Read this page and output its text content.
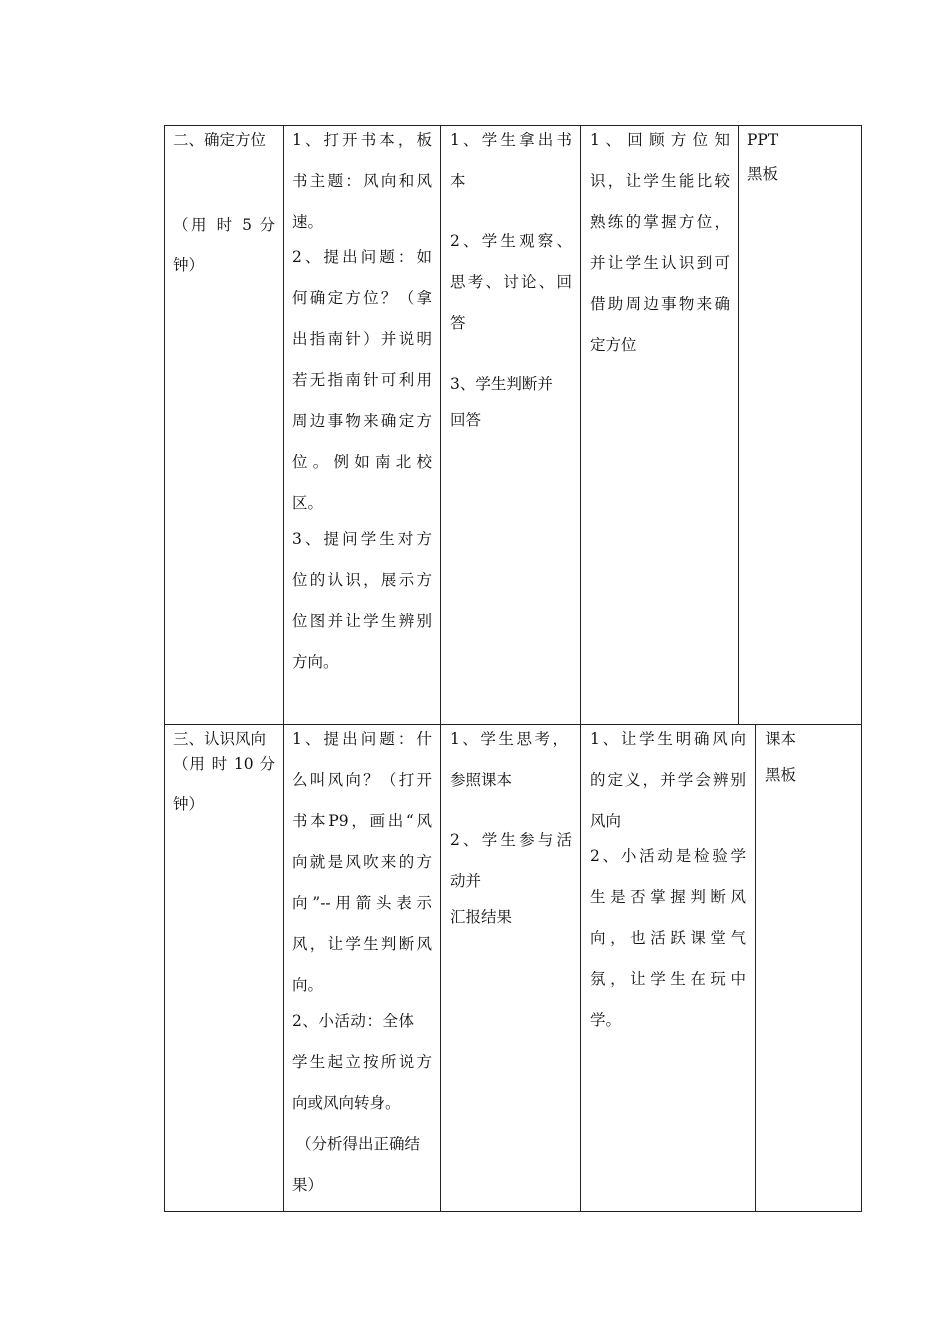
二、确定方位

（用 时 5 分

钟）

1、打开书本，板

书主题：风向和风

速。

2、提出问题：如

何确定方位？（拿

出指南针）并说明

若无指南针可利用

周边事物来确定方

位。例如南北校

区。

3、提问学生对方

位的认识，展示方

位图并让学生辨别

方向。

1、学生拿出书

本

2、学生观察、

思考、讨论、回

答

3、学生判断并

回答

1 、 回 顾 方 位 知

识，让学生能比较

熟练的掌握方位，

并让学生认识到可

借助周边事物来确

定方位

PPT

黑板

三、认识风向

（用 时 10 分

钟）

1、提出问题：什

么叫风向？（打开

书本P9，画出“风

向就是风吹来的方

向”--用箭头表示

风，让学生判断风

向。

2、小活动：全体

学生起立按所说方

向或风向转身。

（分析得出正确结

果）

1、学生思考，

参照课本

2、学生参与活

动并

汇报结果

1、让学生明确风向

的定义，并学会辨别

风向

2、小活动是检验学

生是否掌握判断风

向，也活跃课堂气

氛，让学生在玩中

学。

课本

黑板
